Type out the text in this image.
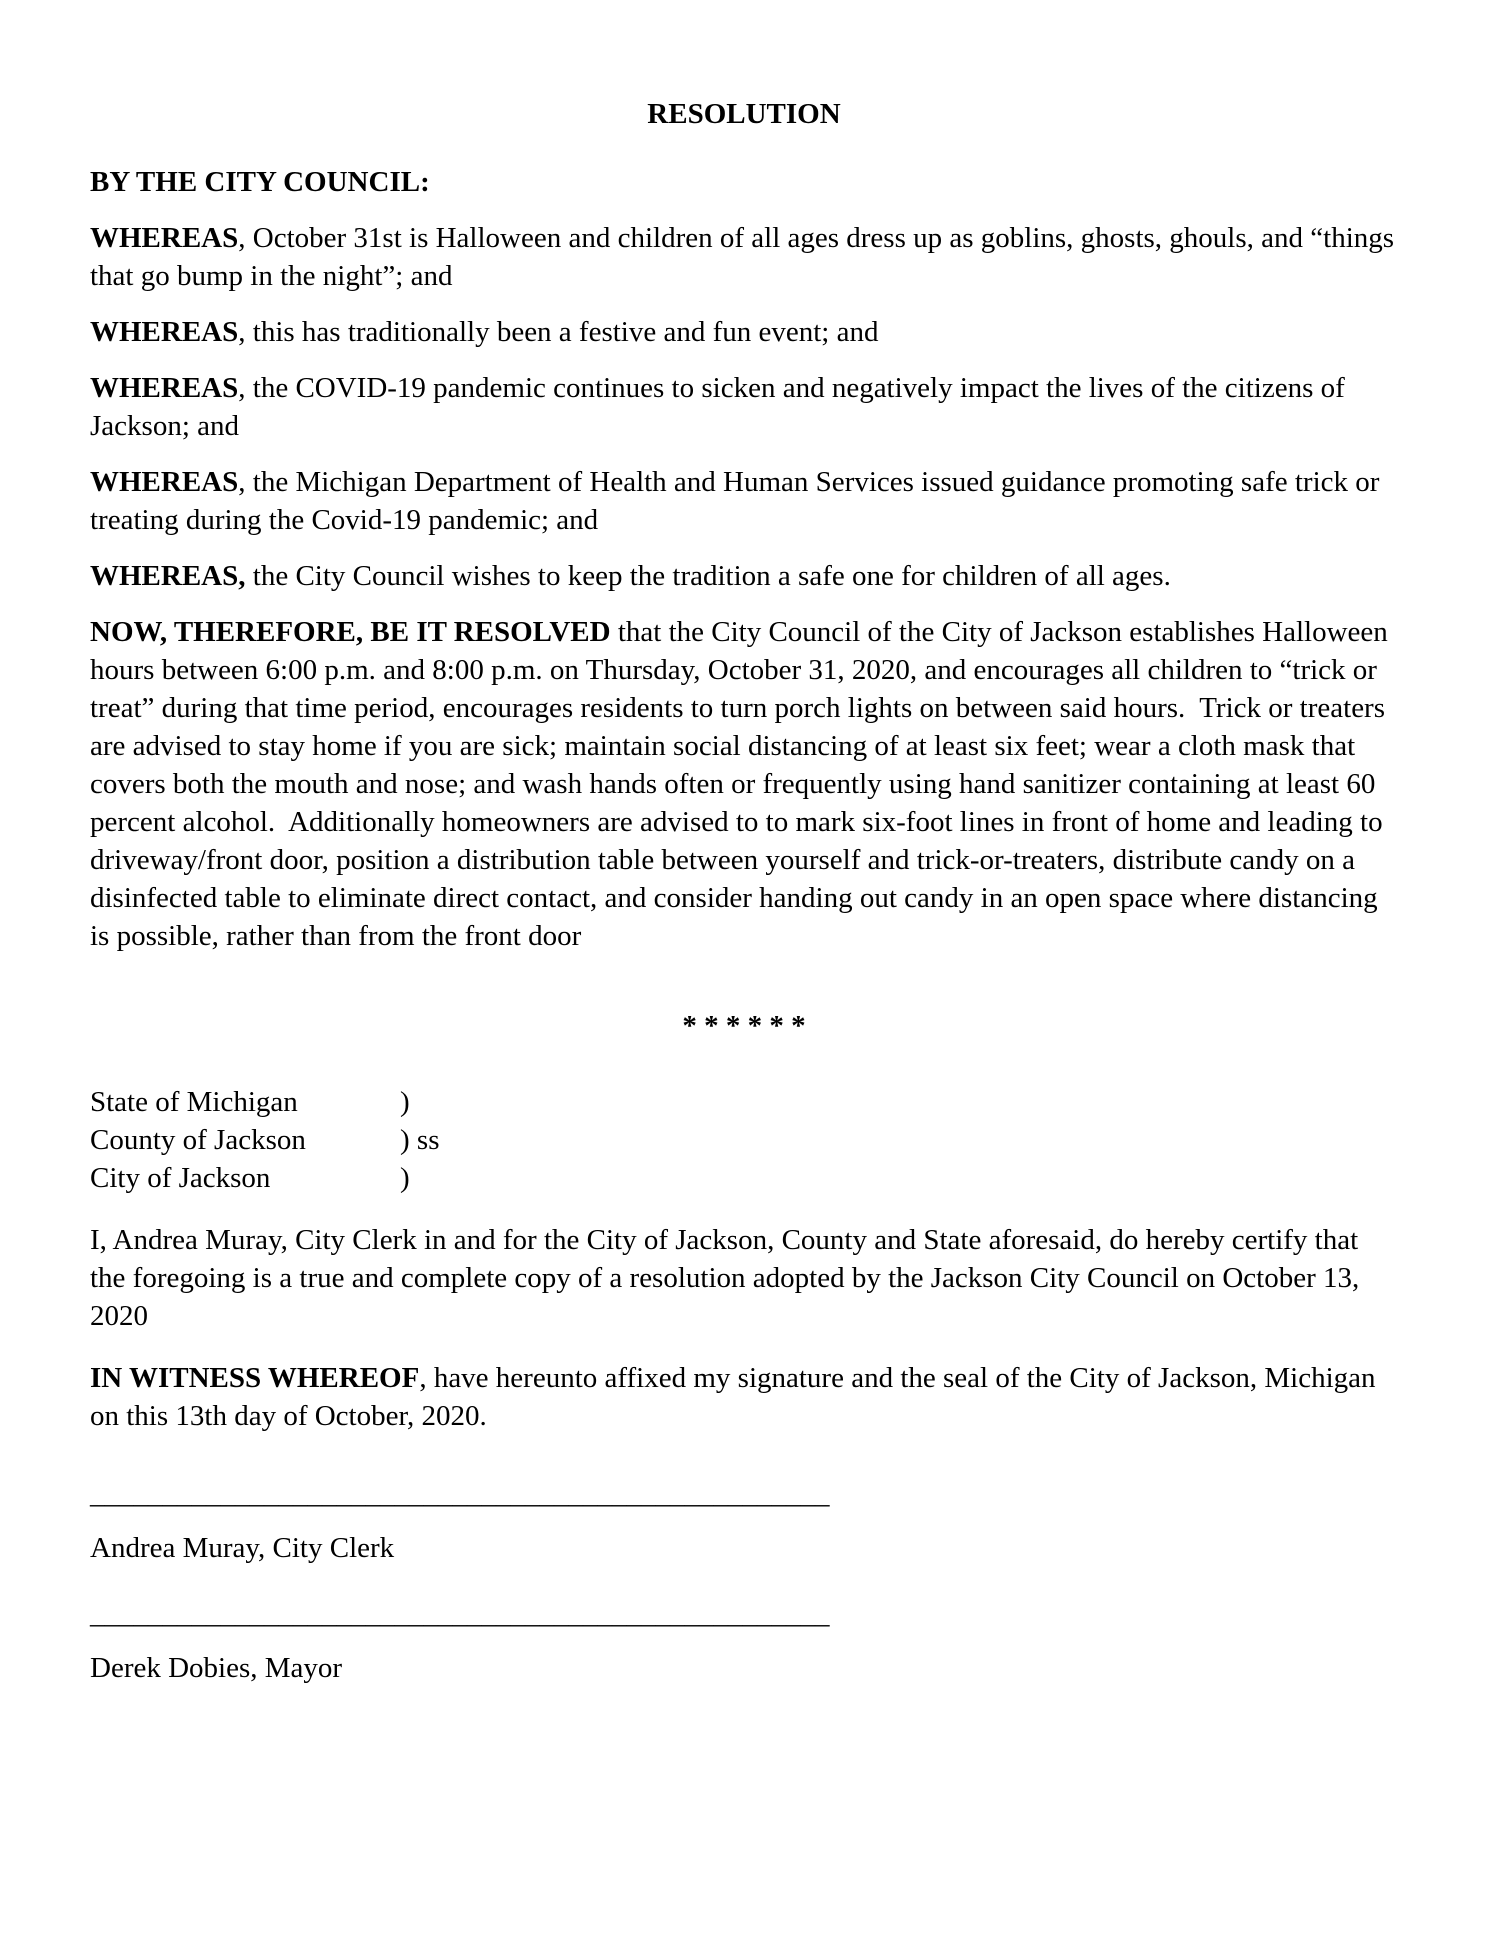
RESOLUTION

BY THE CITY COUNCIL:

WHEREAS, October 31st is Halloween and children of all ages dress up as goblins, ghosts, ghouls, and “things that go bump in the night”; and

WHEREAS, this has traditionally been a festive and fun event; and

WHEREAS, the COVID-19 pandemic continues to sicken and negatively impact the lives of the citizens of Jackson; and

WHEREAS, the Michigan Department of Health and Human Services issued guidance promoting safe trick or treating during the Covid-19 pandemic; and

WHEREAS, the City Council wishes to keep the tradition a safe one for children of all ages.

NOW, THEREFORE, BE IT RESOLVED that the City Council of the City of Jackson establishes Halloween hours between 6:00 p.m. and 8:00 p.m. on Thursday, October 31, 2020, and encourages all children to “trick or treat” during that time period, encourages residents to turn porch lights on between said hours.  Trick or treaters are advised to stay home if you are sick; maintain social distancing of at least six feet; wear a cloth mask that covers both the mouth and nose; and wash hands often or frequently using hand sanitizer containing at least 60 percent alcohol.  Additionally homeowners are advised to to mark six-foot lines in front of home and leading to driveway/front door, position a distribution table between yourself and trick-or-treaters, distribute candy on a disinfected table to eliminate direct contact, and consider handing out candy in an open space where distancing is possible, rather than from the front door

* * * * * *

State of Michigan	)
County of Jackson	) ss
City of Jackson	)

I, Andrea Muray, City Clerk in and for the City of Jackson, County and State aforesaid, do hereby certify that the foregoing is a true and complete copy of a resolution adopted by the Jackson City Council on October 13, 2020

IN WITNESS WHEREOF, have hereunto affixed my signature and the seal of the City of Jackson, Michigan on this 13th day of October, 2020.

___________________________________________________

Andrea Muray, City Clerk

___________________________________________________

Derek Dobies, Mayor
